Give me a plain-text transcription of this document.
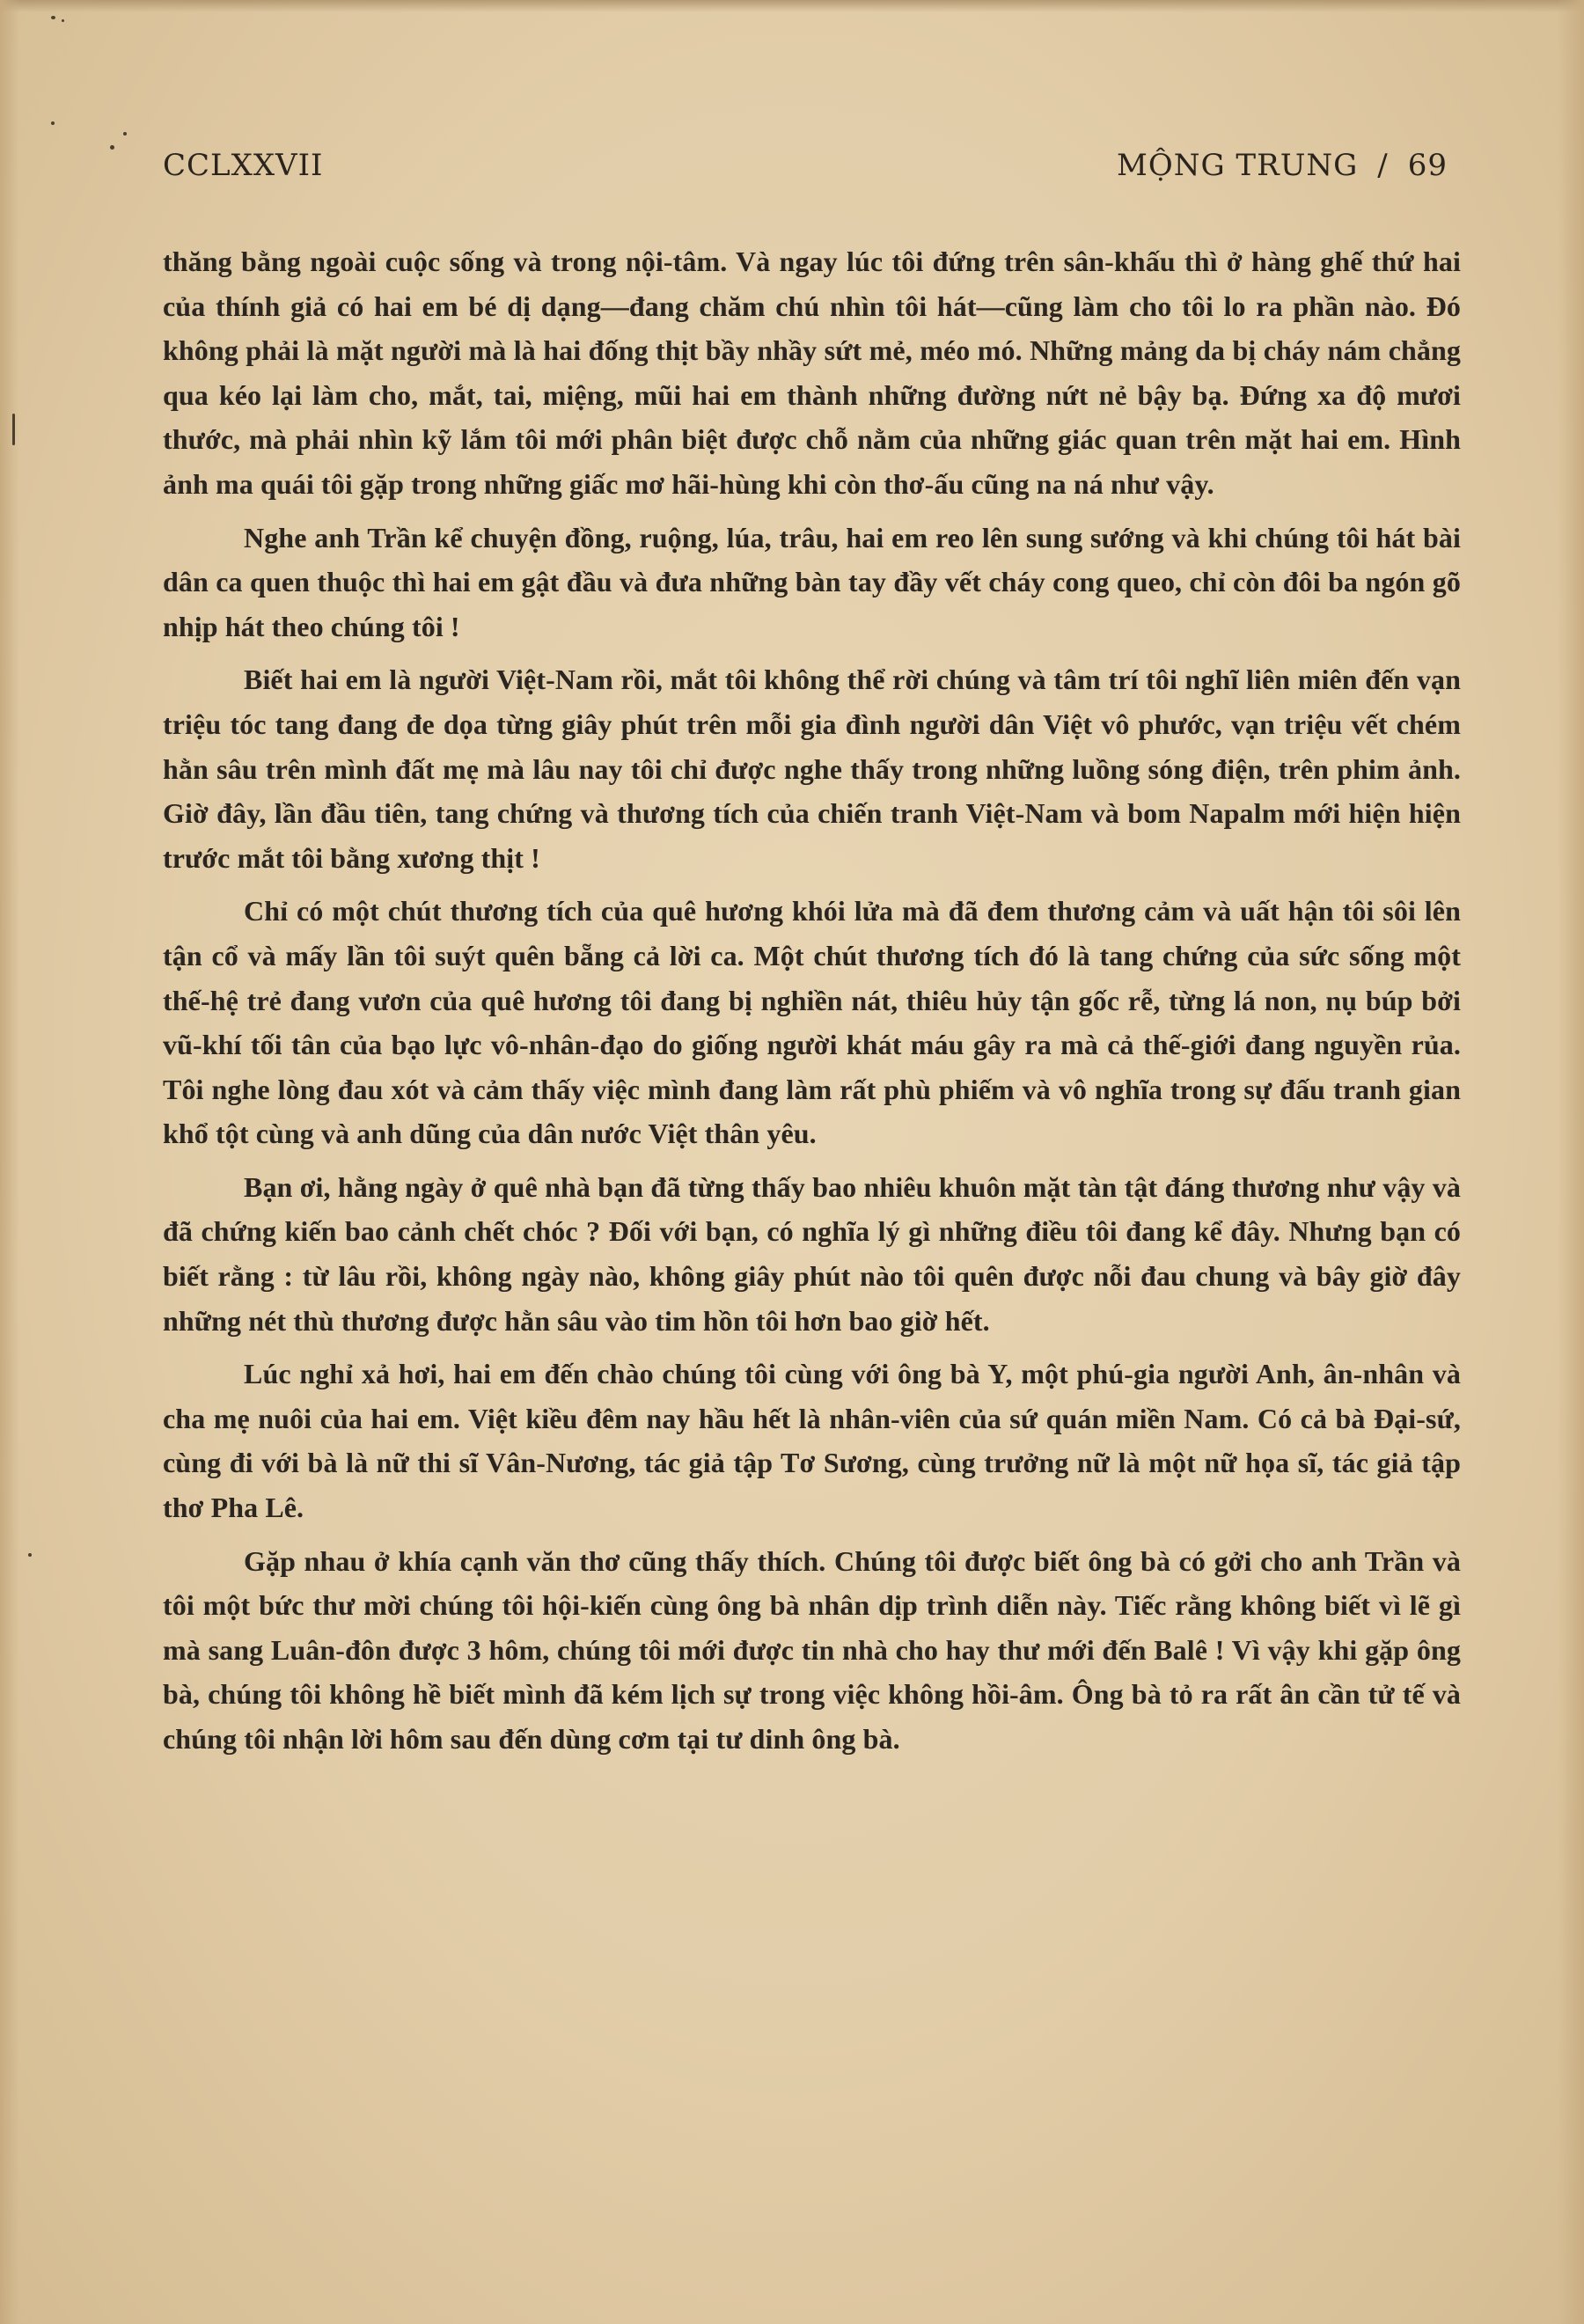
CCLXXVII	MỘNG TRUNG / 69

thăng bằng ngoài cuộc sống và trong nội-tâm. Và ngay lúc tôi đứng trên sân-khấu thì ở hàng ghế thứ hai của thính giả có hai em bé dị dạng—đang chăm chú nhìn tôi hát—cũng làm cho tôi lo ra phần nào. Đó không phải là mặt người mà là hai đống thịt bầy nhầy sứt mẻ, méo mó. Những mảng da bị cháy nám chẳng qua kéo lại làm cho, mắt, tai, miệng, mũi hai em thành những đường nứt nẻ bậy bạ. Đứng xa độ mươi thước, mà phải nhìn kỹ lắm tôi mới phân biệt được chỗ nằm của những giác quan trên mặt hai em. Hình ảnh ma quái tôi gặp trong những giấc mơ hãi-hùng khi còn thơ-ấu cũng na ná như vậy.

Nghe anh Trần kể chuyện đồng, ruộng, lúa, trâu, hai em reo lên sung sướng và khi chúng tôi hát bài dân ca quen thuộc thì hai em gật đầu và đưa những bàn tay đầy vết cháy cong queo, chỉ còn đôi ba ngón gõ nhịp hát theo chúng tôi !

Biết hai em là người Việt-Nam rồi, mắt tôi không thể rời chúng và tâm trí tôi nghĩ liên miên đến vạn triệu tóc tang đang đe dọa từng giây phút trên mỗi gia đình người dân Việt vô phước, vạn triệu vết chém hằn sâu trên mình đất mẹ mà lâu nay tôi chỉ được nghe thấy trong những luồng sóng điện, trên phim ảnh. Giờ đây, lần đầu tiên, tang chứng và thương tích của chiến tranh Việt-Nam và bom Napalm mới hiện hiện trước mắt tôi bằng xương thịt !

Chỉ có một chút thương tích của quê hương khói lửa mà đã đem thương cảm và uất hận tôi sôi lên tận cổ và mấy lần tôi suýt quên bẵng cả lời ca. Một chút thương tích đó là tang chứng của sức sống một thế-hệ trẻ đang vươn của quê hương tôi đang bị nghiền nát, thiêu hủy tận gốc rễ, từng lá non, nụ búp bởi vũ-khí tối tân của bạo lực vô-nhân-đạo do giống người khát máu gây ra mà cả thế-giới đang nguyền rủa. Tôi nghe lòng đau xót và cảm thấy việc mình đang làm rất phù phiếm và vô nghĩa trong sự đấu tranh gian khổ tột cùng và anh dũng của dân nước Việt thân yêu.

Bạn ơi, hằng ngày ở quê nhà bạn đã từng thấy bao nhiêu khuôn mặt tàn tật đáng thương như vậy và đã chứng kiến bao cảnh chết chóc ? Đối với bạn, có nghĩa lý gì những điều tôi đang kể đây. Nhưng bạn có biết rằng : từ lâu rồi, không ngày nào, không giây phút nào tôi quên được nỗi đau chung và bây giờ đây những nét thù thương được hằn sâu vào tim hồn tôi hơn bao giờ hết.

Lúc nghỉ xả hơi, hai em đến chào chúng tôi cùng với ông bà Y, một phú-gia người Anh, ân-nhân và cha mẹ nuôi của hai em. Việt kiều đêm nay hầu hết là nhân-viên của sứ quán miền Nam. Có cả bà Đại-sứ, cùng đi với bà là nữ thi sĩ Vân-Nương, tác giả tập Tơ Sương, cùng trưởng nữ là một nữ họa sĩ, tác giả tập thơ Pha Lê.

Gặp nhau ở khía cạnh văn thơ cũng thấy thích. Chúng tôi được biết ông bà có gởi cho anh Trần và tôi một bức thư mời chúng tôi hội-kiến cùng ông bà nhân dịp trình diễn này. Tiếc rằng không biết vì lẽ gì mà sang Luân-đôn được 3 hôm, chúng tôi mới được tin nhà cho hay thư mới đến Balê ! Vì vậy khi gặp ông bà, chúng tôi không hề biết mình đã kém lịch sự trong việc không hồi-âm. Ông bà tỏ ra rất ân cần tử tế và chúng tôi nhận lời hôm sau đến dùng cơm tại tư dinh ông bà.
